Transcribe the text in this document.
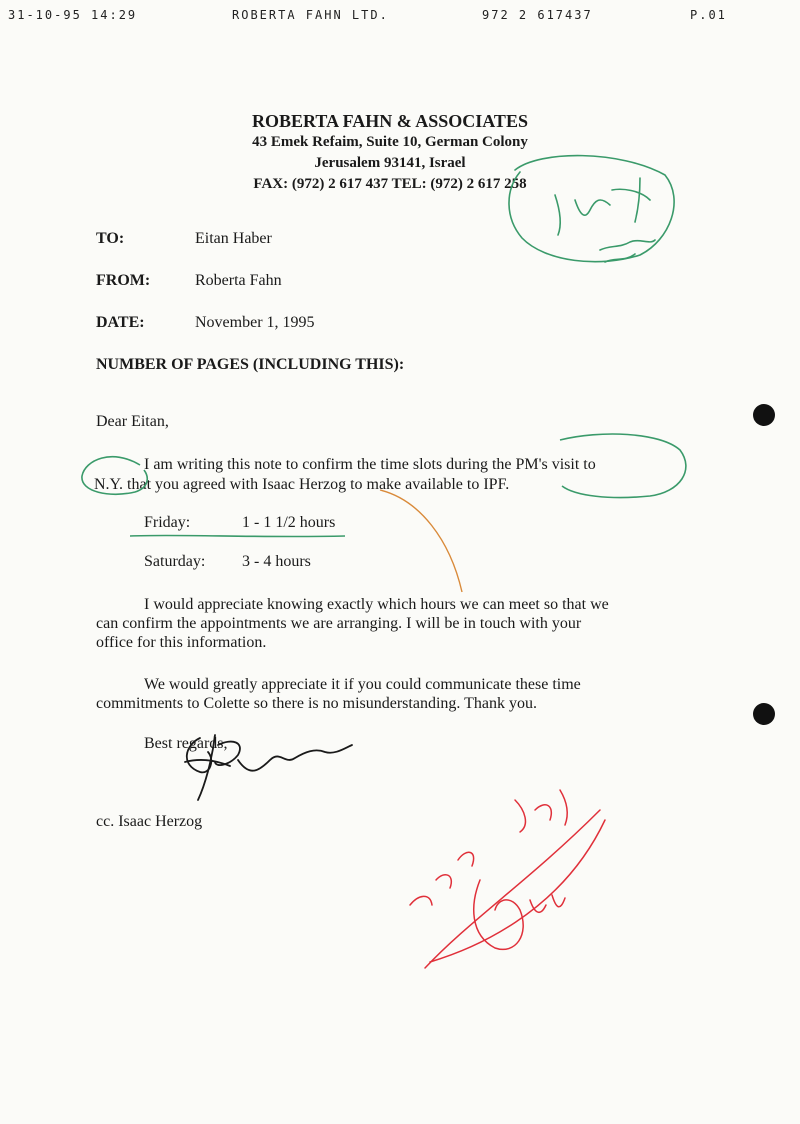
31-10-95 14:29	ROBERTA FAHN LTD.	972 2 617437	P.01
ROBERTA FAHN & ASSOCIATES
43 Emek Refaim, Suite 10, German Colony
Jerusalem 93141, Israel
FAX: (972) 2 617 437 TEL: (972) 2 617 258
TO:	Eitan Haber
FROM:	Roberta Fahn
DATE:	November 1, 1995
NUMBER OF PAGES (INCLUDING THIS):
Dear Eitan,
I am writing this note to confirm the time slots during the PM's visit to
N.Y. that you agreed with Isaac Herzog to make available to IPF.
Friday:	1 - 1 1/2 hours
Saturday: 3 - 4 hours
I would appreciate knowing exactly which hours we can meet so that we
can confirm the appointments we are arranging. I will be in touch with your
office for this information.
We would greatly appreciate it if you could communicate these time
commitments to Colette so there is no misunderstanding. Thank you.
Best regards,
cc. Isaac Herzog
